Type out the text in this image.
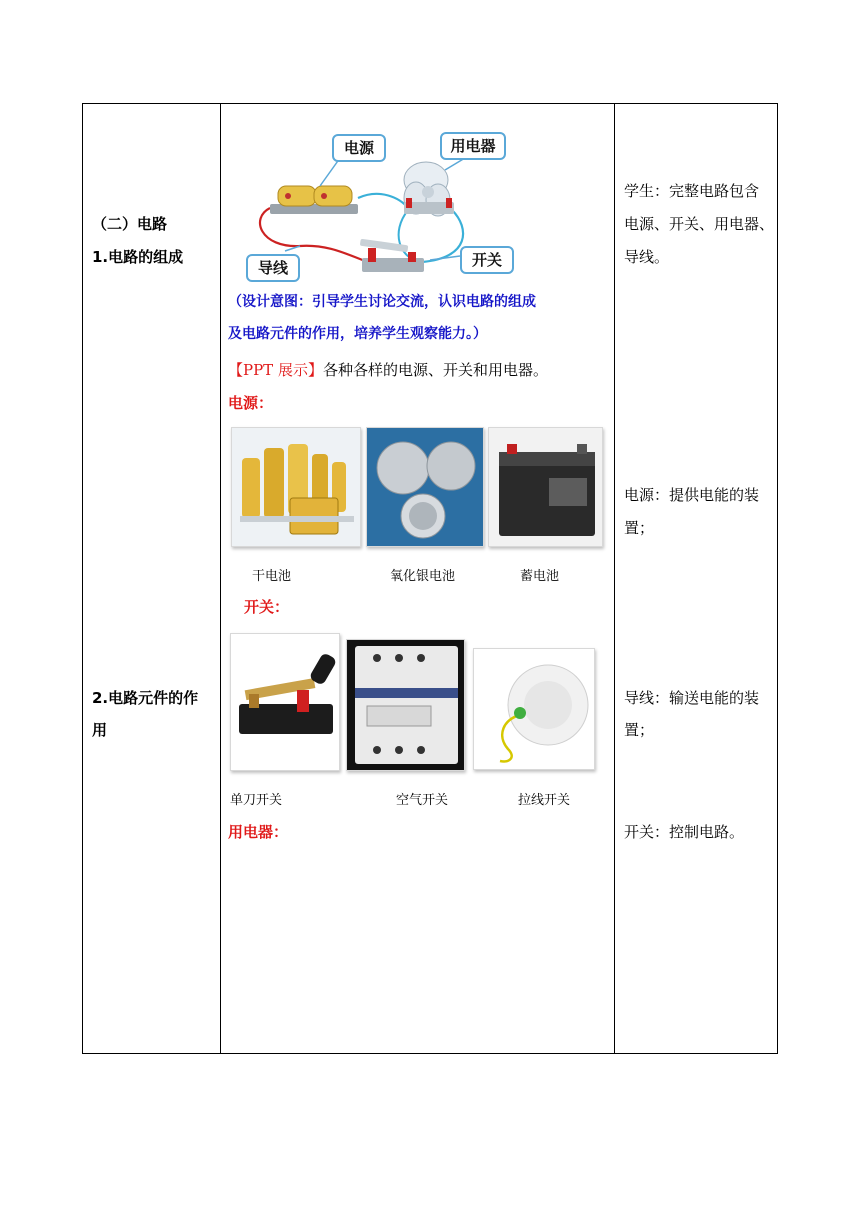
（二）电路
1.电路的组成
2.电路元件的作
用
电源	用电器
导线	开关
（设计意图：引导学生讨论交流，认识电路的组成
及电路元件的作用，培养学生观察能力。）
【PPT 展示】各种各样的电源、开关和用电器。
电源：
干电池	氧化银电池	蓄电池
开关：
单刀开关	空气开关	拉线开关
用电器：
学生：完整电路包含
电源、开关、用电器、
导线。
电源：提供电能的装
置；
导线：输送电能的装
置；
开关：控制电路。
